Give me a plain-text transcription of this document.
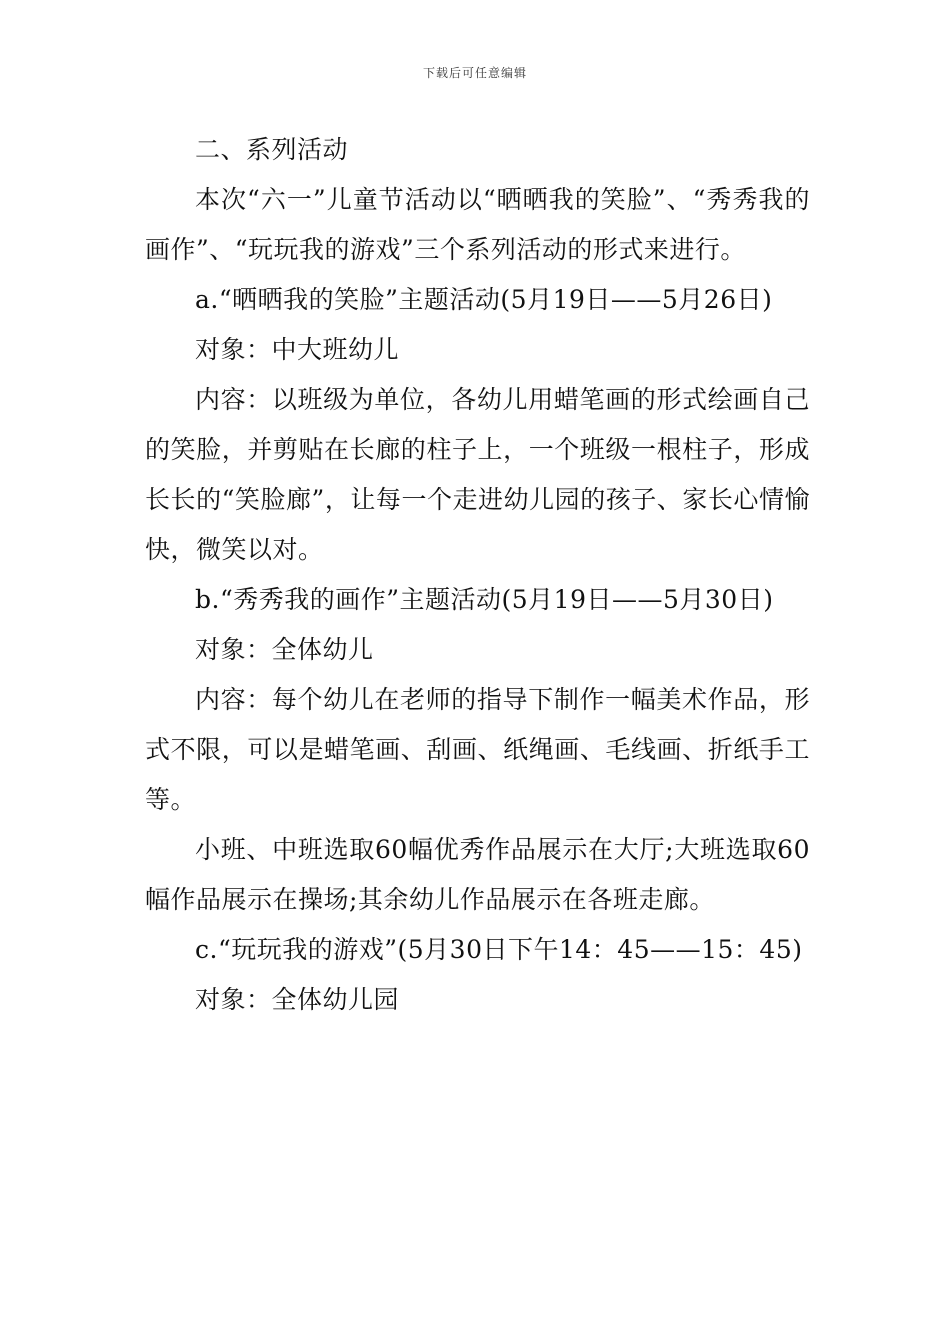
下载后可任意编辑

二、系列活动

本次“六一”儿童节活动以“晒晒我的笑脸”、“秀秀我的画作”、“玩玩我的游戏”三个系列活动的形式来进行。

a.“晒晒我的笑脸”主题活动(5月19日——5月26日)

对象：中大班幼儿

内容：以班级为单位，各幼儿用蜡笔画的形式绘画自己的笑脸，并剪贴在长廊的柱子上，一个班级一根柱子，形成长长的“笑脸廊”，让每一个走进幼儿园的孩子、家长心情愉快，微笑以对。

b.“秀秀我的画作”主题活动(5月19日——5月30日)

对象：全体幼儿

内容：每个幼儿在老师的指导下制作一幅美术作品，形式不限，可以是蜡笔画、刮画、纸绳画、毛线画、折纸手工等。

小班、中班选取60幅优秀作品展示在大厅;大班选取60幅作品展示在操场;其余幼儿作品展示在各班走廊。

c.“玩玩我的游戏”(5月30日下午14：45——15：45)

对象：全体幼儿园
